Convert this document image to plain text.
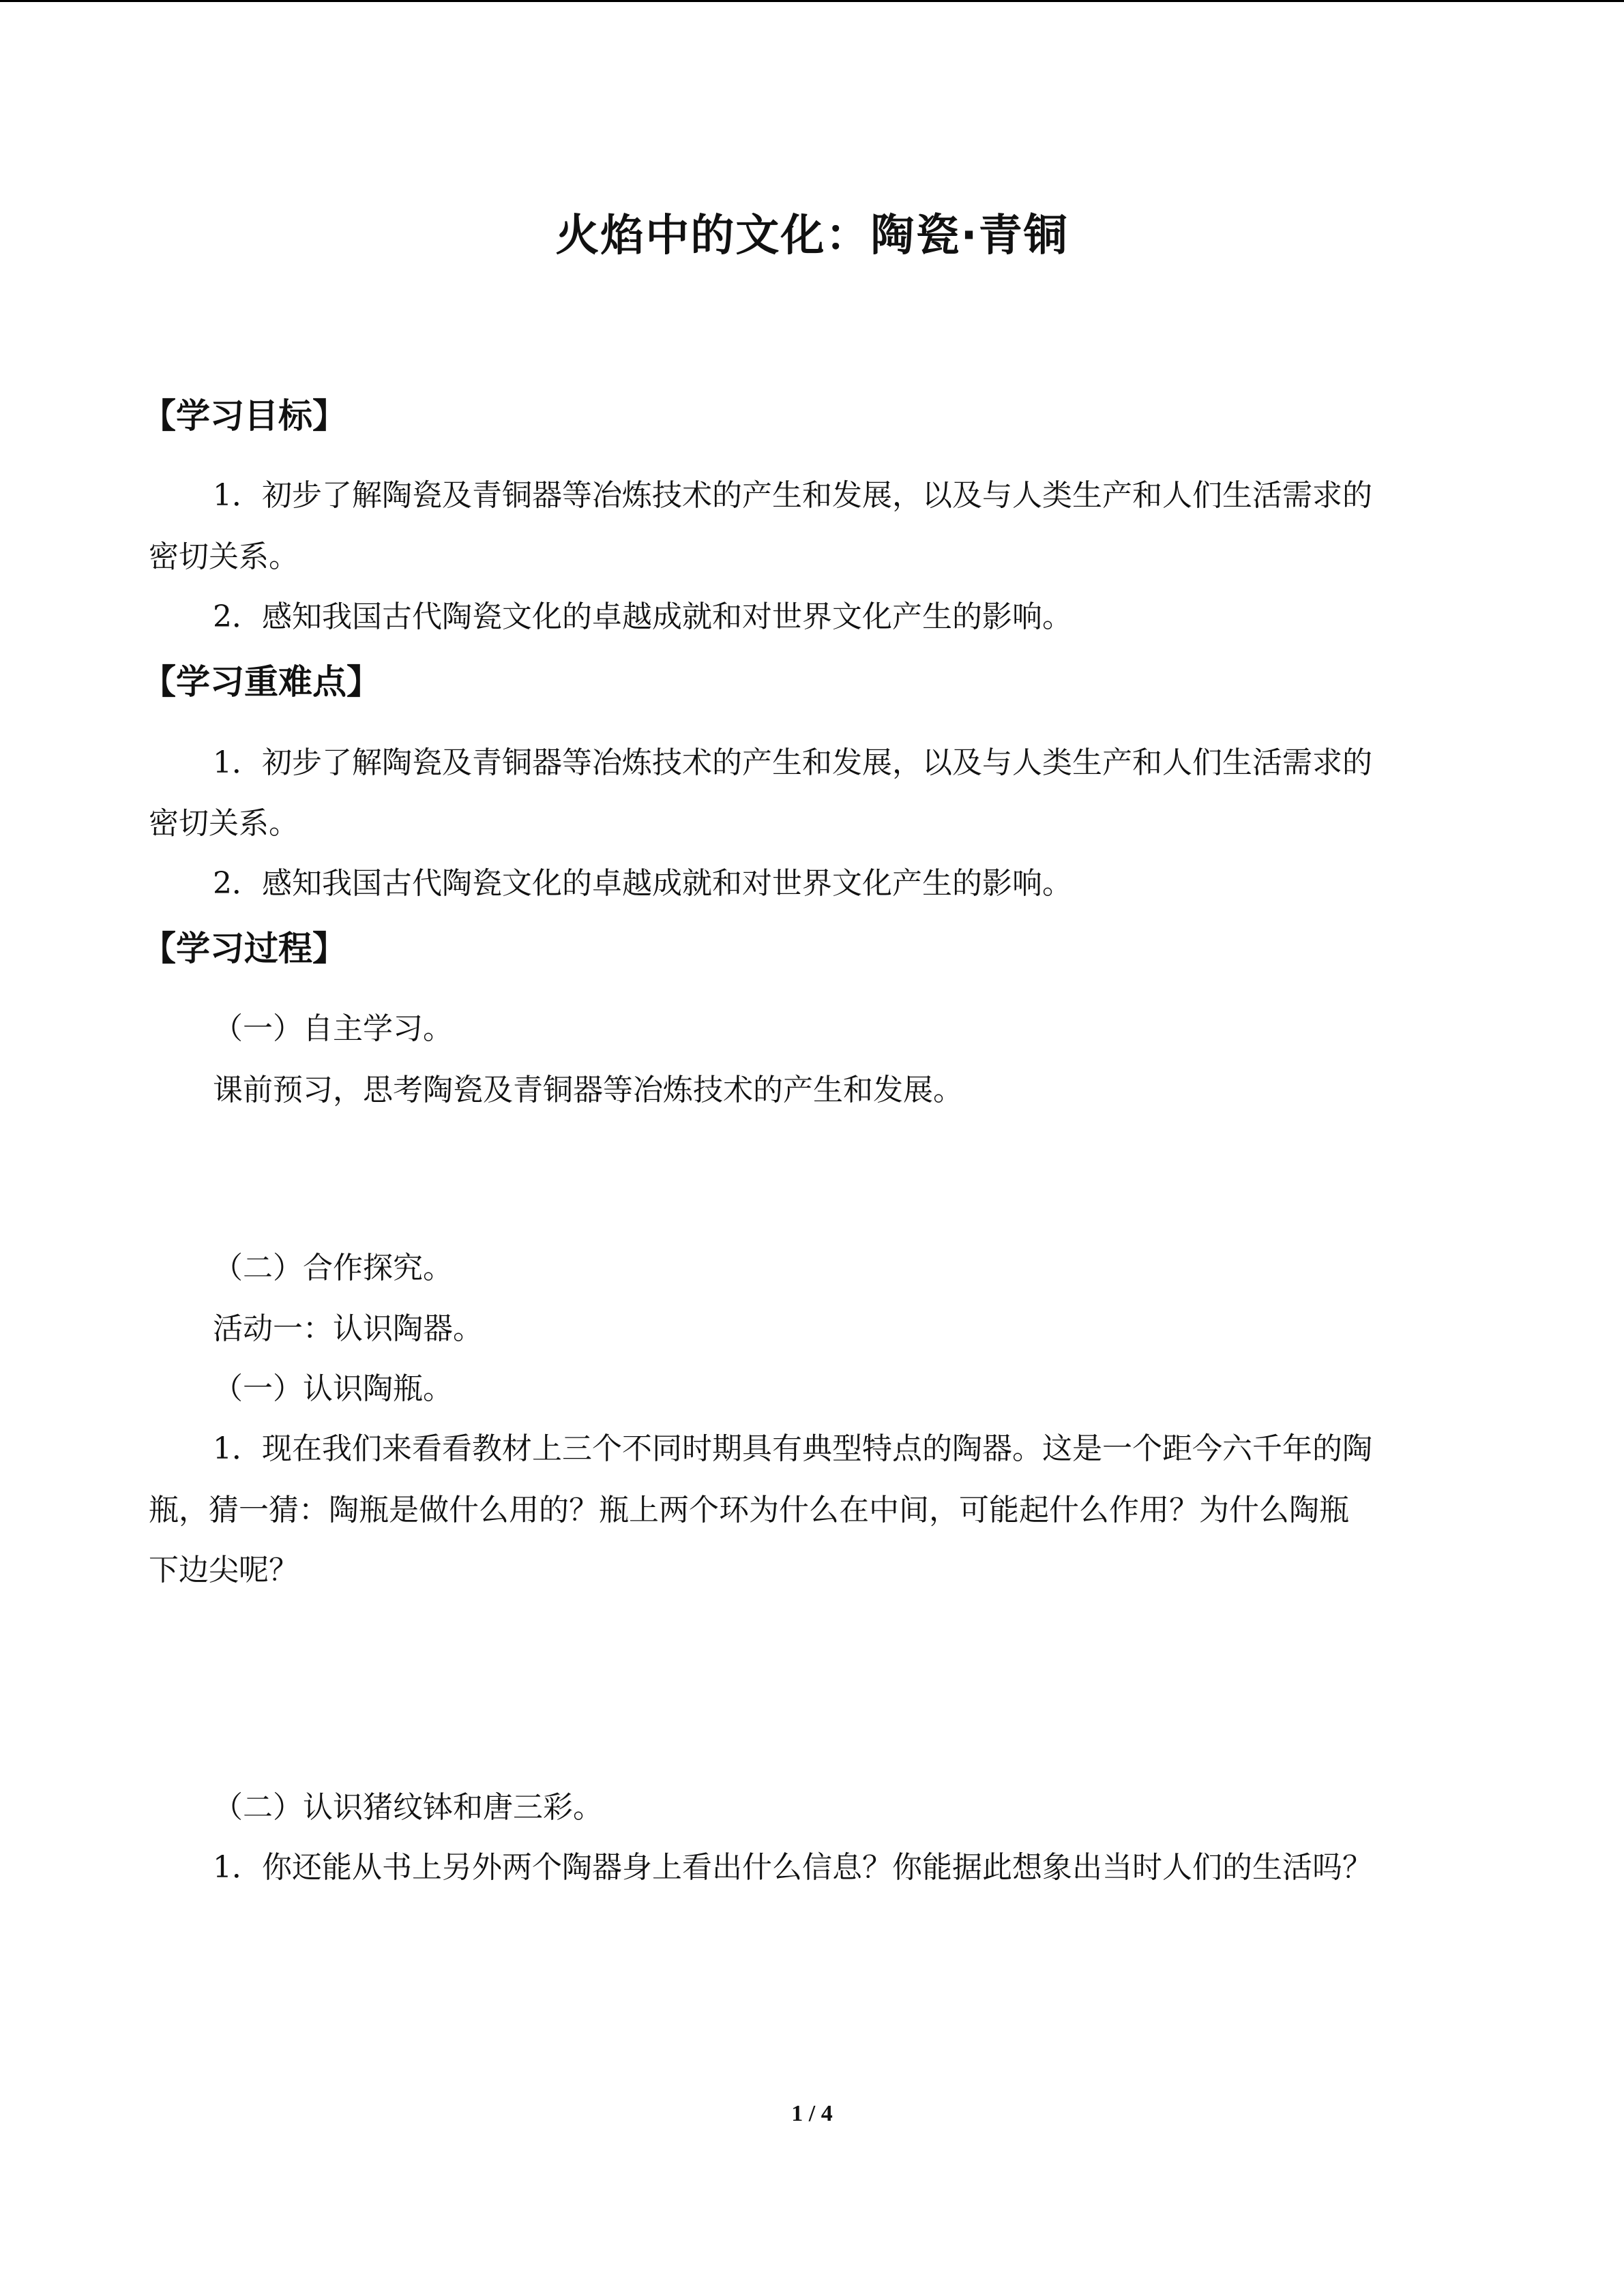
火焰中的文化：陶瓷·青铜
【学习目标】
1．初步了解陶瓷及青铜器等冶炼技术的产生和发展，以及与人类生产和人们生活需求的
密切关系。
2．感知我国古代陶瓷文化的卓越成就和对世界文化产生的影响。
【学习重难点】
1．初步了解陶瓷及青铜器等冶炼技术的产生和发展，以及与人类生产和人们生活需求的
密切关系。
2．感知我国古代陶瓷文化的卓越成就和对世界文化产生的影响。
【学习过程】
（一）自主学习。
课前预习，思考陶瓷及青铜器等冶炼技术的产生和发展。
（二）合作探究。
活动一：认识陶器。
（一）认识陶瓶。
1．现在我们来看看教材上三个不同时期具有典型特点的陶器。这是一个距今六千年的陶
瓶，猜一猜：陶瓶是做什么用的？瓶上两个环为什么在中间，可能起什么作用？为什么陶瓶
下边尖呢？
（二）认识猪纹钵和唐三彩。
1．你还能从书上另外两个陶器身上看出什么信息？你能据此想象出当时人们的生活吗？
1 / 4
